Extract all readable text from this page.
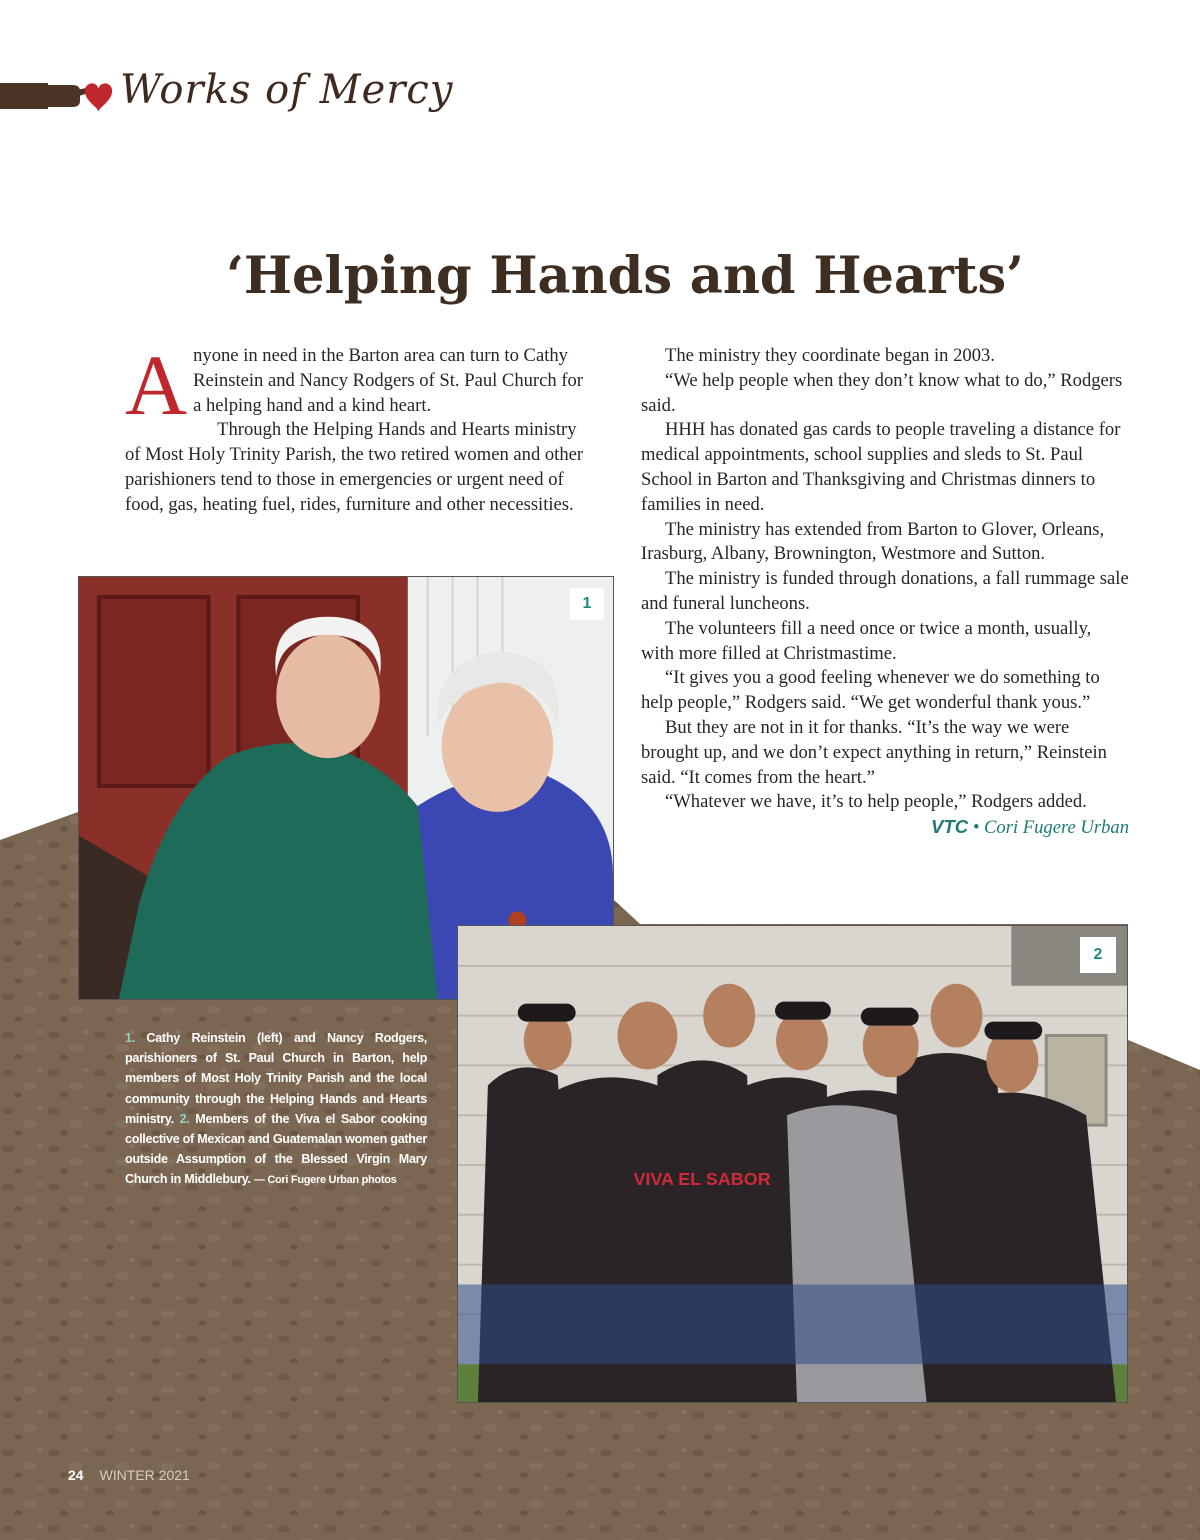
Works of Mercy
‘Helping Hands and Hearts’

Anyone in need in the Barton area can turn to Cathy Reinstein and Nancy Rodgers of St. Paul Church for a helping hand and a kind heart.

Through the Helping Hands and Hearts ministry of Most Holy Trinity Parish, the two retired women and other parishioners tend to those in emergencies or urgent need of food, gas, heating fuel, rides, furniture and other necessities.

The ministry they coordinate began in 2003.

“We help people when they don’t know what to do,” Rodgers said.

HHH has donated gas cards to people traveling a distance for medical appointments, school supplies and sleds to St. Paul School in Barton and Thanksgiving and Christmas dinners to families in need.

The ministry has extended from Barton to Glover, Orleans, Irasburg, Albany, Brownington, Westmore and Sutton.

The ministry is funded through donations, a fall rummage sale and funeral luncheons.

The volunteers fill a need once or twice a month, usually, with more filled at Christmastime.

“It gives you a good feeling whenever we do something to help people,” Rodgers said. “We get wonderful thank yous.”

But they are not in it for thanks. “It’s the way we were brought up, and we don’t expect anything in return,” Reinstein said. “It comes from the heart.”

“Whatever we have, it’s to help people,” Rodgers added.

VTC • Cori Fugere Urban
1
VIVA EL SABOR
2
1. Cathy Reinstein (left) and Nancy Rodgers, parishioners of St. Paul Church in Barton, help members of Most Holy Trinity Parish and the local community through the Helping Hands and Hearts ministry. 2. Members of the Viva el Sabor cooking collective of Mexican and Guatemalan women gather outside Assumption of the Blessed Virgin Mary Church in Middlebury. — Cori Fugere Urban photos
24 WINTER 2021
